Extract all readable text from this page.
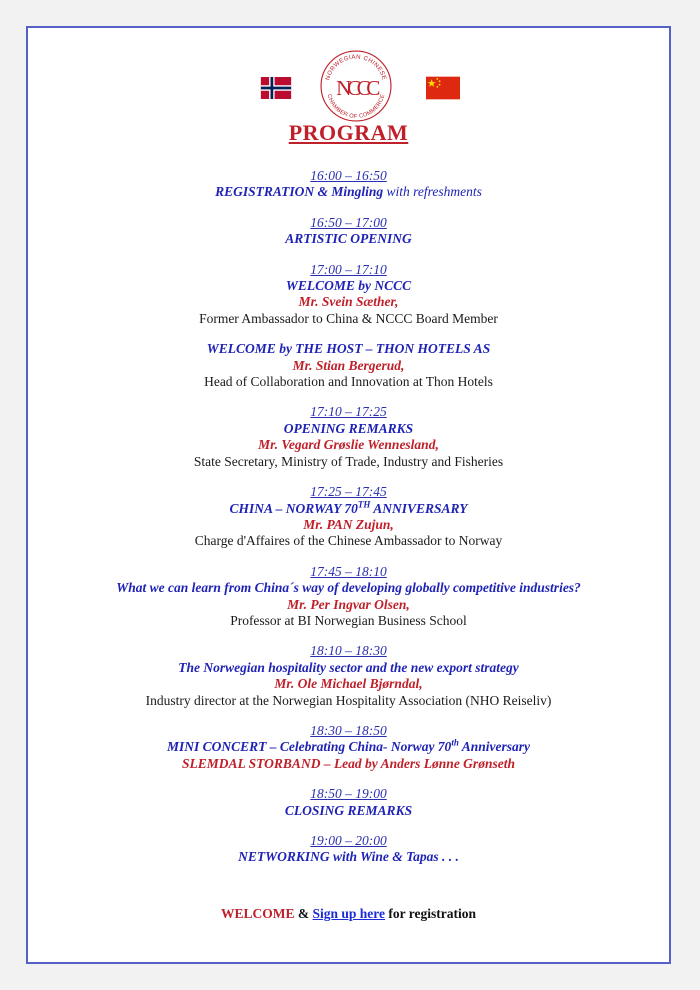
NORWEGIAN CHINESE
CHAMBER OF COMMERCE
NCCC
PROGRAM
16:00 – 16:50
REGISTRATION & Mingling with refreshments
16:50 – 17:00
ARTISTIC OPENING
17:00 – 17:10
WELCOME by NCCC
Mr. Svein Sæther,
Former Ambassador to China & NCCC Board Member
WELCOME by THE HOST – THON HOTELS AS
Mr. Stian Bergerud,
Head of Collaboration and Innovation at Thon Hotels
17:10 – 17:25
OPENING REMARKS
Mr. Vegard Grøslie Wennesland,
State Secretary, Ministry of Trade, Industry and Fisheries
17:25 – 17:45
CHINA – NORWAY 70TH ANNIVERSARY
Mr. PAN Zujun,
Charge d'Affaires of the Chinese Ambassador to Norway
17:45 – 18:10
What we can learn from China´s way of developing globally competitive industries?
Mr. Per Ingvar Olsen,
Professor at BI Norwegian Business School
18:10 – 18:30
The Norwegian hospitality sector and the new export strategy
Mr. Ole Michael Bjørndal,
Industry director at the Norwegian Hospitality Association (NHO Reiseliv)
18:30 – 18:50
MINI CONCERT – Celebrating China- Norway 70th Anniversary
SLEMDAL STORBAND – Lead by Anders Lønne Grønseth
18:50 – 19:00
CLOSING REMARKS
19:00 – 20:00
NETWORKING with Wine & Tapas . . .
WELCOME & Sign up here for registration
